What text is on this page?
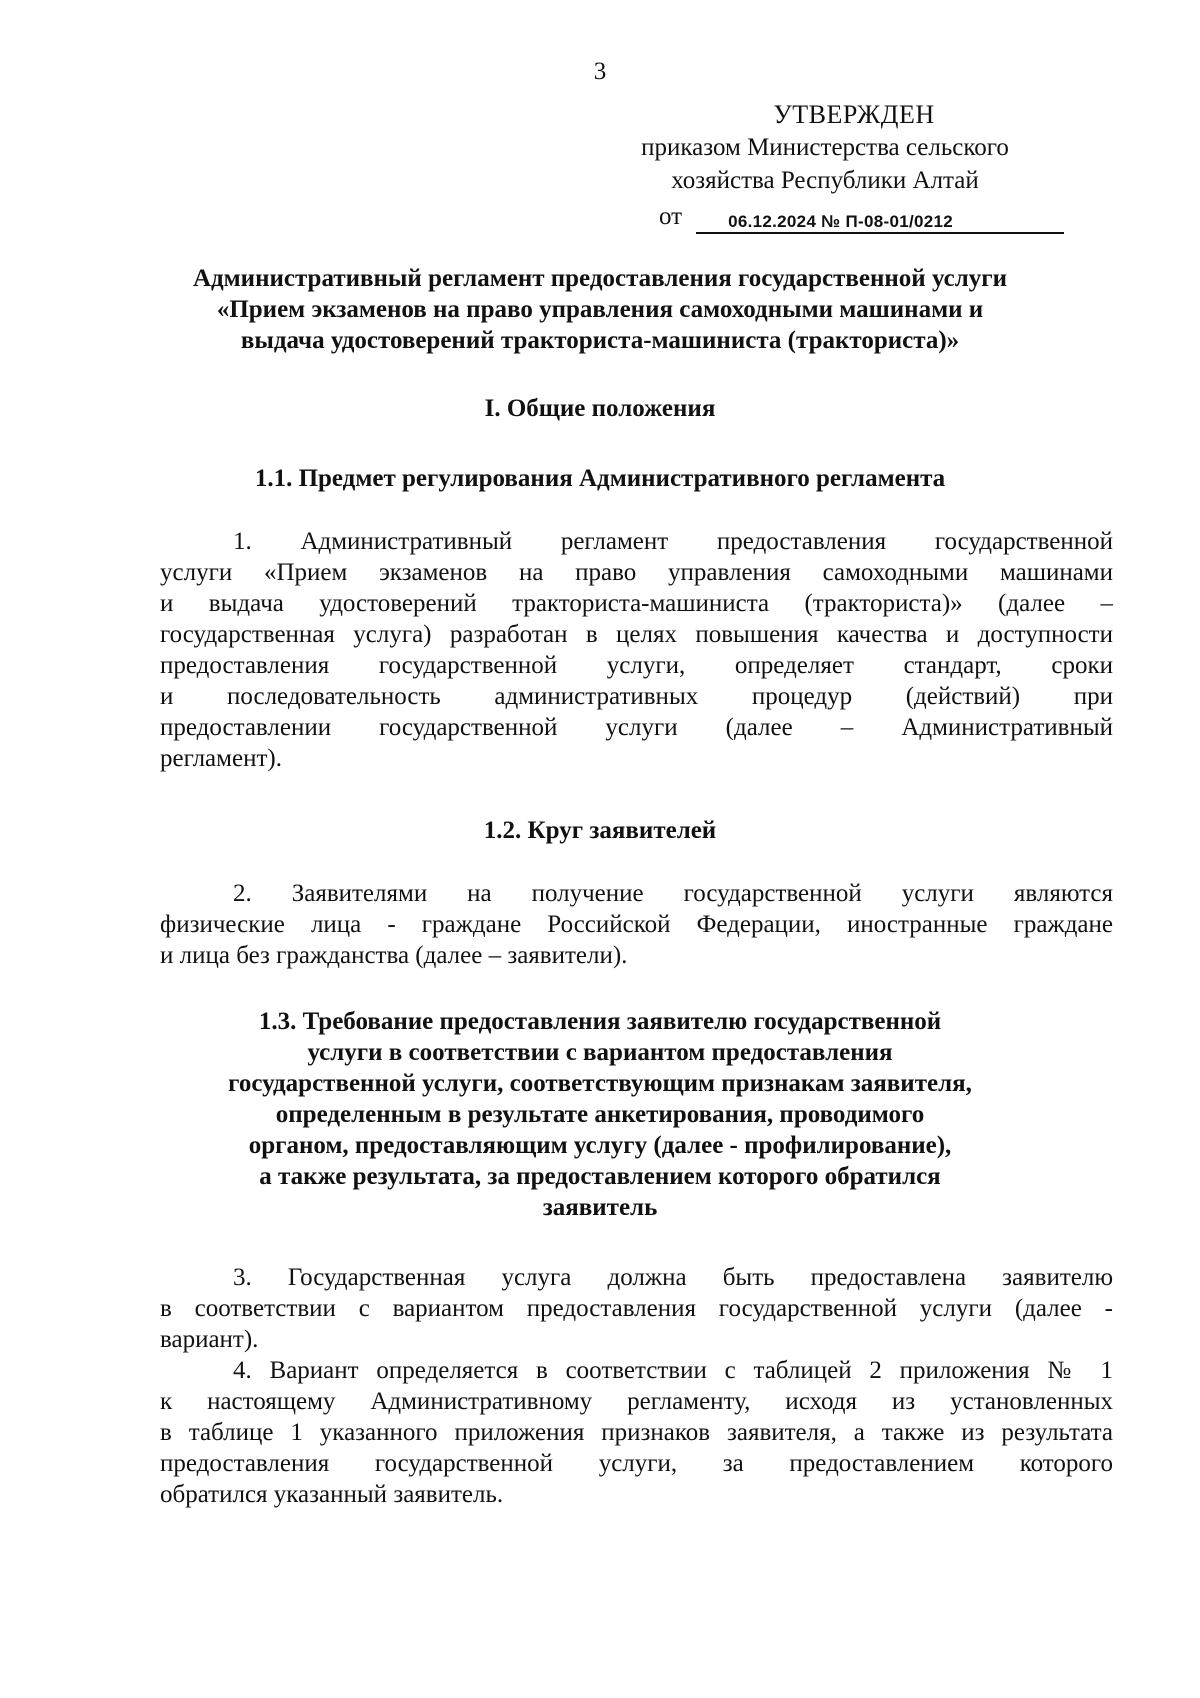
3
УТВЕРЖДЕН
приказом Министерства сельского
хозяйства Республики Алтай
от	06.12.2024 № П-08-01/0212
Административный регламент предоставления государственной услуги
«Прием экзаменов на право управления самоходными машинами и
выдача удостоверений тракториста-машиниста (тракториста)»
I. Общие положения
1.1. Предмет регулирования Административного регламента
1. Административный регламент предоставления государственной
услуги «Прием экзаменов на право управления самоходными машинами
и выдача удостоверений тракториста-машиниста (тракториста)» (далее –
государственная услуга) разработан в целях повышения качества и доступности
предоставления государственной услуги, определяет стандарт, сроки
и последовательность административных процедур (действий) при
предоставлении государственной услуги (далее – Административный
регламент).
1.2. Круг заявителей
2. Заявителями на получение государственной услуги являются
физические лица - граждане Российской Федерации, иностранные граждане
и лица без гражданства (далее – заявители).
1.3. Требование предоставления заявителю государственной
услуги в соответствии с вариантом предоставления
государственной услуги, соответствующим признакам заявителя,
определенным в результате анкетирования, проводимого
органом, предоставляющим услугу (далее - профилирование),
а также результата, за предоставлением которого обратился
заявитель
3. Государственная услуга должна быть предоставлена заявителю
в соответствии с вариантом предоставления государственной услуги (далее -
вариант).
4. Вариант определяется в соответствии с таблицей 2 приложения № 1
к настоящему Административному регламенту, исходя из установленных
в таблице 1 указанного приложения признаков заявителя, а также из результата
предоставления государственной услуги, за предоставлением которого
обратился указанный заявитель.
